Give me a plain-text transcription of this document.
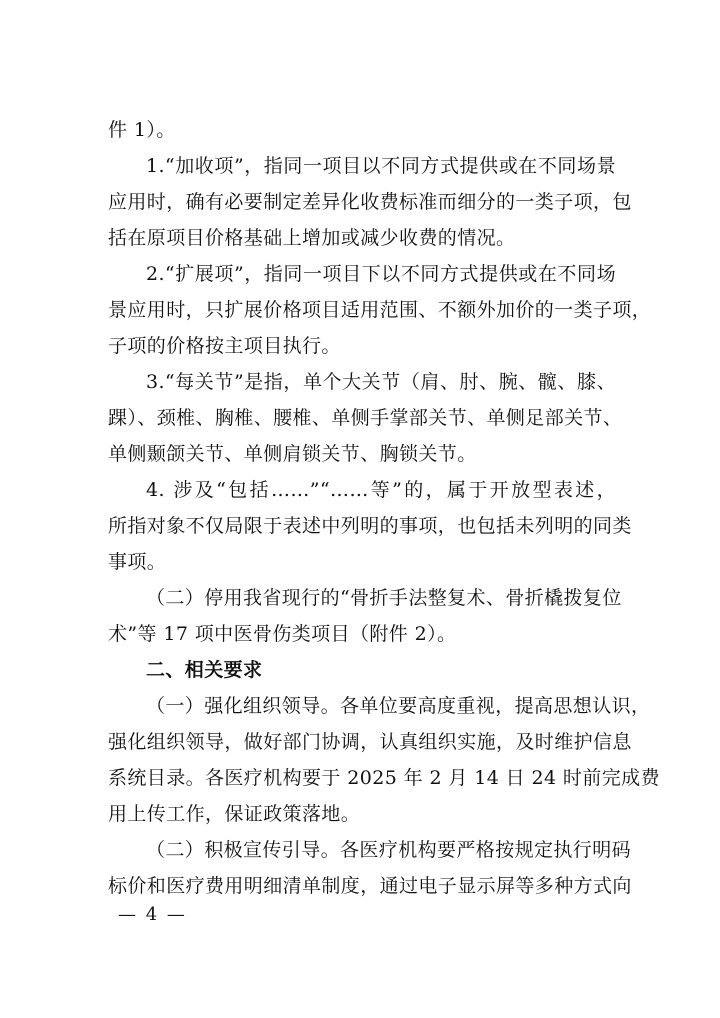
件 1）。
1.“加收项”，指同一项目以不同方式提供或在不同场景
应用时，确有必要制定差异化收费标准而细分的一类子项，包
括在原项目价格基础上增加或减少收费的情况。
2.“扩展项”，指同一项目下以不同方式提供或在不同场
景应用时，只扩展价格项目适用范围、不额外加价的一类子项，
子项的价格按主项目执行。
3.“每关节”是指，单个大关节（肩、肘、腕、髋、膝、
踝）、颈椎、胸椎、腰椎、单侧手掌部关节、单侧足部关节、
单侧颞颌关节、单侧肩锁关节、胸锁关节。
4. 涉及“包括……”“……等”的，属于开放型表述，
所指对象不仅局限于表述中列明的事项，也包括未列明的同类
事项。
（二）停用我省现行的“骨折手法整复术、骨折橇拨复位
术”等 17 项中医骨伤类项目（附件 2）。
二、相关要求
（一）强化组织领导。各单位要高度重视，提高思想认识，
强化组织领导，做好部门协调，认真组织实施，及时维护信息
系统目录。各医疗机构要于 2025 年 2 月 14 日 24 时前完成费
用上传工作，保证政策落地。
（二）积极宣传引导。各医疗机构要严格按规定执行明码
标价和医疗费用明细清单制度，通过电子显示屏等多种方式向
— 4 —
